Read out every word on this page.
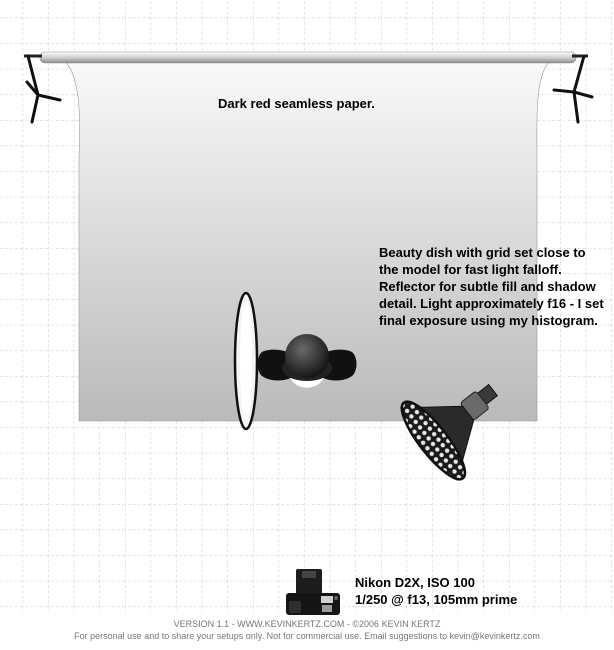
Dark red seamless paper.
Beauty dish with grid set close to the model for fast light falloff. Reflector for subtle fill and shadow detail. Light approximately f16 - I set final exposure using my histogram.
Nikon D2X, ISO 100
1/250 @ f13, 105mm prime
VERSION 1.1 - WWW.KEVINKERTZ.COM - ©2006 KEVIN KERTZ
For personal use and to share your setups only. Not for commercial use. Email suggestions to kevin@kevinkertz.com
